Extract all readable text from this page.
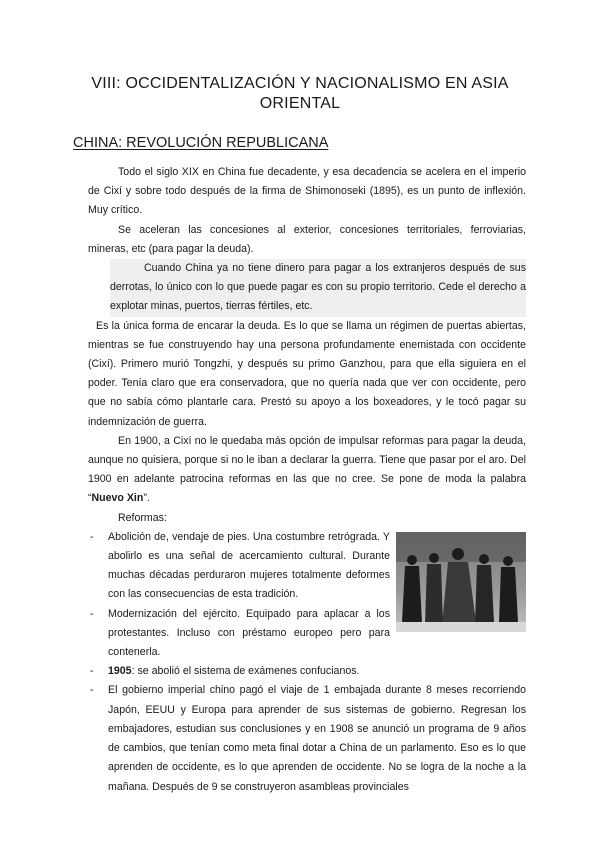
VIII: OCCIDENTALIZACIÓN Y NACIONALISMO EN ASIA ORIENTAL
CHINA: REVOLUCIÓN REPUBLICANA

Todo el siglo XIX en China fue decadente, y esa decadencia se acelera en el imperio de Cixí y sobre todo después de la firma de Shimonoseki (1895), es un punto de inflexión. Muy crítico.

Se aceleran las concesiones al exterior, concesiones territoriales, ferroviarias, mineras, etc (para pagar la deuda).

Cuando China ya no tiene dinero para pagar a los extranjeros después de sus derrotas, lo único con lo que puede pagar es con su propio territorio. Cede el derecho a explotar minas, puertos, tierras fértiles, etc.

Es la única forma de encarar la deuda. Es lo que se llama un régimen de puertas abiertas, mientras se fue construyendo hay una persona profundamente enemistada con occidente (Cixí). Primero murió Tongzhi, y después su primo Ganzhou, para que ella siguiera en el poder. Tenía claro que era conservadora, que no quería nada que ver con occidente, pero que no sabía cómo plantarle cara. Prestó su apoyo a los boxeadores, y le tocó pagar su indemnización de guerra.

En 1900, a Cixí no le quedaba más opción de impulsar reformas para pagar la deuda, aunque no quisiera, porque si no le iban a declarar la guerra. Tiene que pasar por el aro. Del 1900 en adelante patrocina reformas en las que no cree. Se pone de moda la palabra “Nuevo Xin”.

Reformas:

- Abolición de, vendaje de pies. Una costumbre retrógrada. Y abolirlo es una señal de acercamiento cultural. Durante muchas décadas perduraron mujeres totalmente deformes con las consecuencias de esta tradición.
- Modernización del ejército. Equipado para aplacar a los protestantes. Incluso con préstamo europeo pero para contenerla.
- 1905: se abolió el sistema de exámenes confucianos.
- El gobierno imperial chino pagó el viaje de 1 embajada durante 8 meses recorriendo Japón, EEUU y Europa para aprender de sus sistemas de gobierno. Regresan los embajadores, estudian sus conclusiones y en 1908 se anunció un programa de 9 años de cambios, que tenían como meta final dotar a China de un parlamento. Eso es lo que aprenden de occidente, es lo que aprenden de occidente. No se logra de la noche a la mañana. Después de 9 se construyeron asambleas provinciales
